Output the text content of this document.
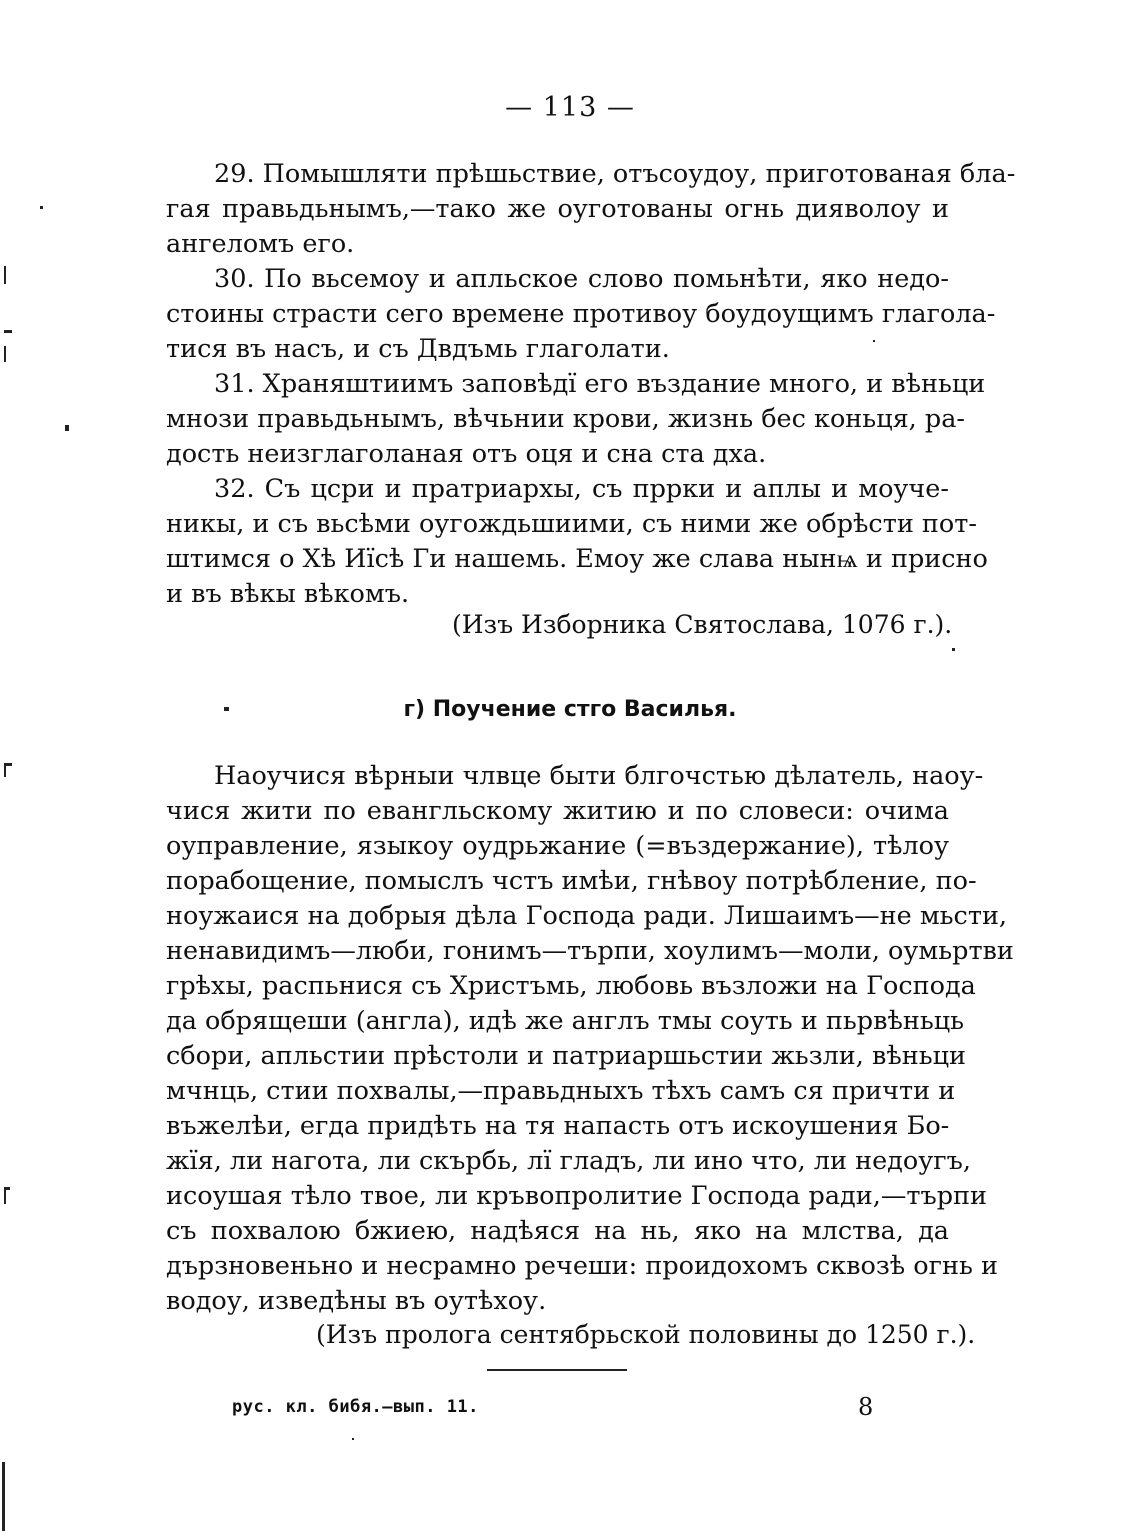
— 113 —
29. Помышляти прѣшьствие, отъсоудоу, приготованая бла-
гая правьдьнымъ,—тако же оуготованы огнь дияволоу и
ангеломъ его.
30. По вьсемоу и апльское слово помьнѣти, яко недо-
стоины страсти сего времене противоу боудоущимъ глагола-
тися въ насъ, и съ Двдъмь глаголати.
31. Храняштиимъ заповѣдї его въздание много, и вѣньци
мнози правьдьнымъ, вѣчьнии крови, жизнь бес коньця, ра-
дость неизглаголаная отъ оця и сна ста дха.
32. Съ цсри и пратриархы, съ пррки и аплы и моуче-
никы, и съ вьсѣми оугождьшиими, съ ними же обрѣсти пот-
штимся о Хѣ Иїсѣ Ги нашемь. Емоу же слава нынѩ и присно
и въ вѣкы вѣкомъ.
(Изъ Изборника Святослава, 1076 г.).
г) Поучение стго Василья.
Наоучися вѣрныи члвце быти блгочстью дѣлатель, наоу-
чися жити по евангльскому житию и по словеси: очима
оуправление, языкоу оудрьжание (=въздержание), тѣлоу
порабощение, помыслъ чстъ имѣи, гнѣвоу потрѣбление, по-
ноужаися на добрыя дѣла Господа ради. Лишаимъ—не мьсти,
ненавидимъ—люби, гонимъ—търпи, хоулимъ—моли, оумьртви
грѣхы, распьнися съ Христъмь, любовь възложи на Господа
да обрящеши (англа), идѣ же англъ тмы соуть и пьрвѣньць
сбори, апльстии прѣстоли и патриаршьстии жьзли, вѣньци
мчнць, стии похвалы,—правьдныхъ тѣхъ самъ ся причти и
въжелѣи, егда придѣть на тя напасть отъ искоушения Бо-
жїя, ли нагота, ли скърбь, лї гладъ, ли ино что, ли недоугъ,
исоушая тѣло твое, ли кръвопролитие Господа ради,—търпи
съ похвалою бжиею, надѣяся на нь, яко на млства, да
дързновеньно и несрамно речеши: проидохомъ сквозѣ огнь и
водоу, изведѣны въ оутѣхоу.
(Изъ пролога сентябрьской половины до 1250 г.).
рус. кл. бибя.—вып. 11.	8
